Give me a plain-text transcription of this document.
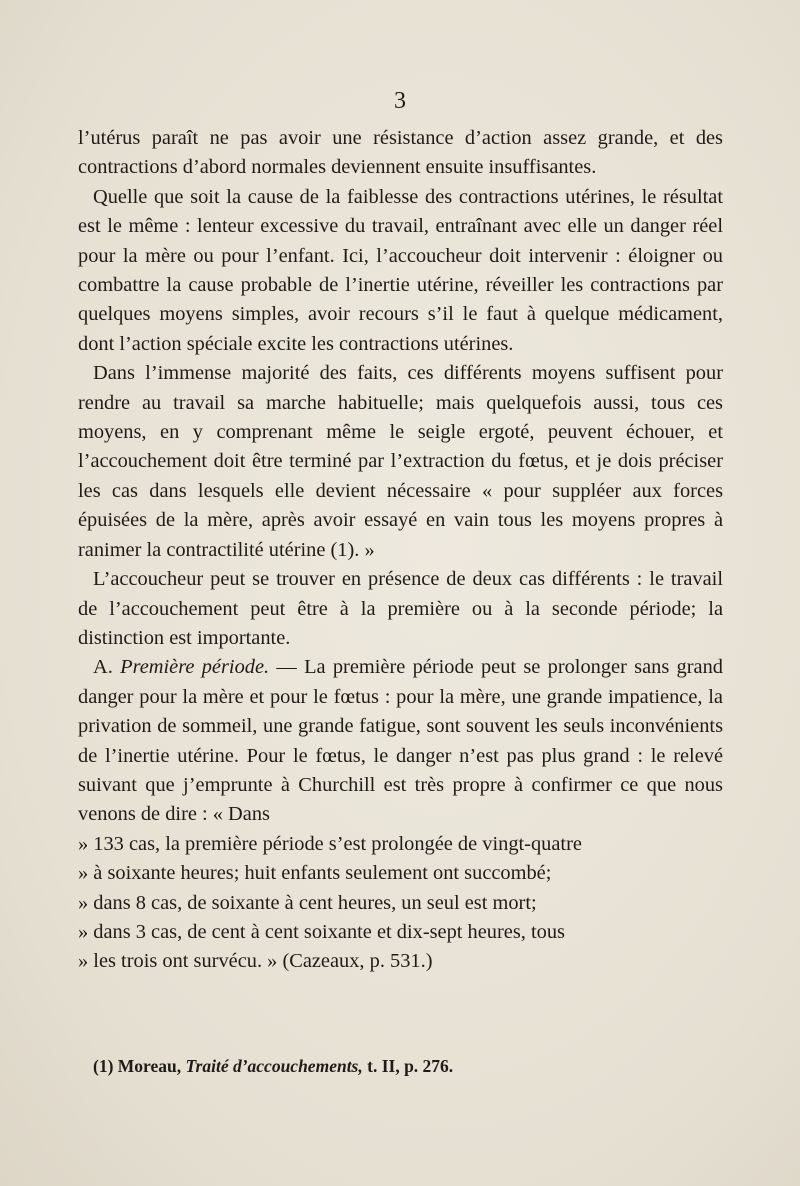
3

l’utérus paraît ne pas avoir une résistance d’action assez grande, et des contractions d’abord normales deviennent ensuite insuffisantes.

Quelle que soit la cause de la faiblesse des contractions utérines, le résultat est le même : lenteur excessive du travail, entraînant avec elle un danger réel pour la mère ou pour l’enfant. Ici, l’accoucheur doit intervenir : éloigner ou combattre la cause probable de l’inertie utérine, réveiller les contractions par quelques moyens simples, avoir recours s’il le faut à quelque médicament, dont l’action spéciale excite les contractions utérines.

Dans l’immense majorité des faits, ces différents moyens suffisent pour rendre au travail sa marche habituelle; mais quelquefois aussi, tous ces moyens, en y comprenant même le seigle ergoté, peuvent échouer, et l’accouchement doit être terminé par l’extraction du fœtus, et je dois préciser les cas dans lesquels elle devient nécessaire « pour suppléer aux forces épuisées de la mère, après avoir essayé en vain tous les moyens propres à ranimer la contractilité utérine (1). »

L’accoucheur peut se trouver en présence de deux cas différents : le travail de l’accouchement peut être à la première ou à la seconde période; la distinction est importante.

A. Première période. — La première période peut se prolonger sans grand danger pour la mère et pour le fœtus : pour la mère, une grande impatience, la privation de sommeil, une grande fatigue, sont souvent les seuls inconvénients de l’inertie utérine. Pour le fœtus, le danger n’est pas plus grand : le relevé suivant que j’emprunte à Churchill est très propre à confirmer ce que nous venons de dire : « Dans

» 133 cas, la première période s’est prolongée de vingt-quatre

» à soixante heures; huit enfants seulement ont succombé;

» dans 8 cas, de soixante à cent heures, un seul est mort;

» dans 3 cas, de cent à cent soixante et dix-sept heures, tous

» les trois ont survécu. » (Cazeaux, p. 531.)

(1) Moreau, Traité d’accouchements, t. II, p. 276.
